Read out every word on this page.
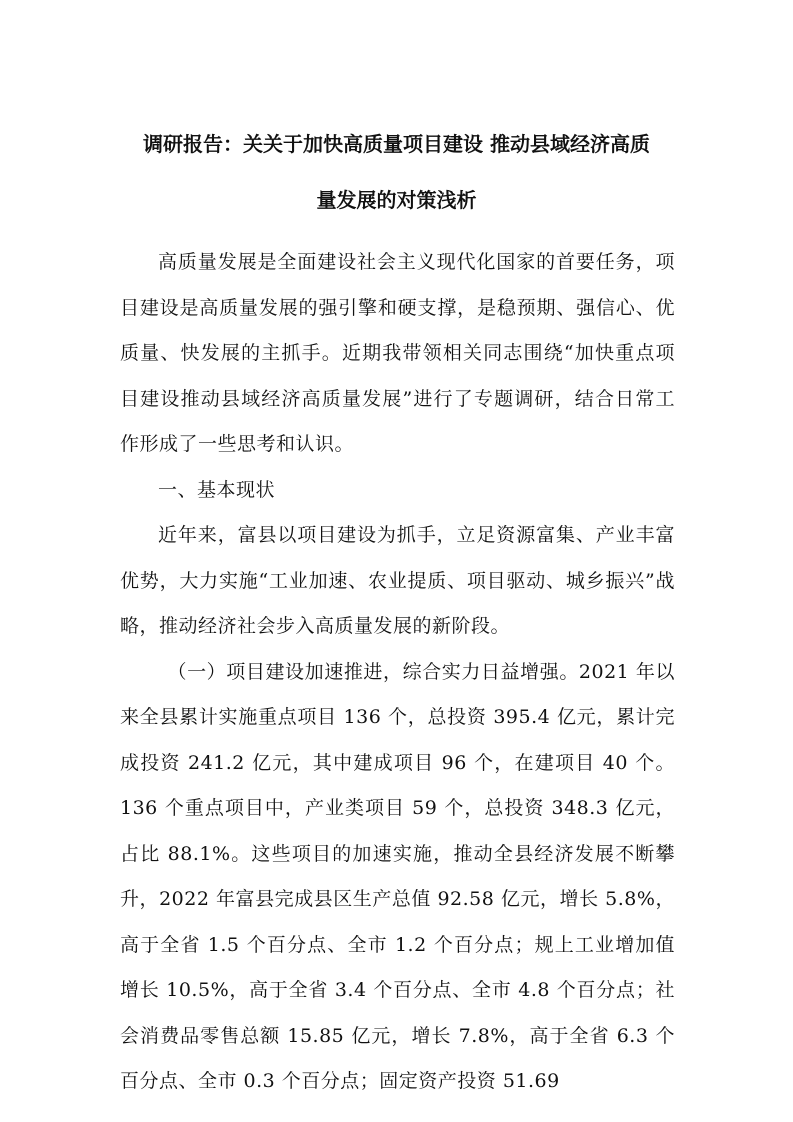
调研报告：关关于加快高质量项目建设 推动县域经济高质
量发展的对策浅析

高质量发展是全面建设社会主义现代化国家的首要任务，项目建设是高质量发展的强引擎和硬支撑，是稳预期、强信心、优质量、快发展的主抓手。近期我带领相关同志围绕“加快重点项目建设推动县域经济高质量发展”进行了专题调研，结合日常工作形成了一些思考和认识。

一、基本现状

近年来，富县以项目建设为抓手，立足资源富集、产业丰富优势，大力实施“工业加速、农业提质、项目驱动、城乡振兴”战略，推动经济社会步入高质量发展的新阶段。

（一）项目建设加速推进，综合实力日益增强。2021 年以来全县累计实施重点项目 136 个，总投资 395.4 亿元，累计完成投资 241.2 亿元，其中建成项目 96 个，在建项目 40 个。136 个重点项目中，产业类项目 59 个，总投资 348.3 亿元，占比 88.1%。这些项目的加速实施，推动全县经济发展不断攀升，2022 年富县完成县区生产总值 92.58 亿元，增长 5.8%，高于全省 1.5 个百分点、全市 1.2 个百分点；规上工业增加值增长 10.5%，高于全省 3.4 个百分点、全市 4.8 个百分点；社会消费品零售总额 15.85 亿元，增长 7.8%，高于全省 6.3 个百分点、全市 0.3 个百分点；固定资产投资 51.69
